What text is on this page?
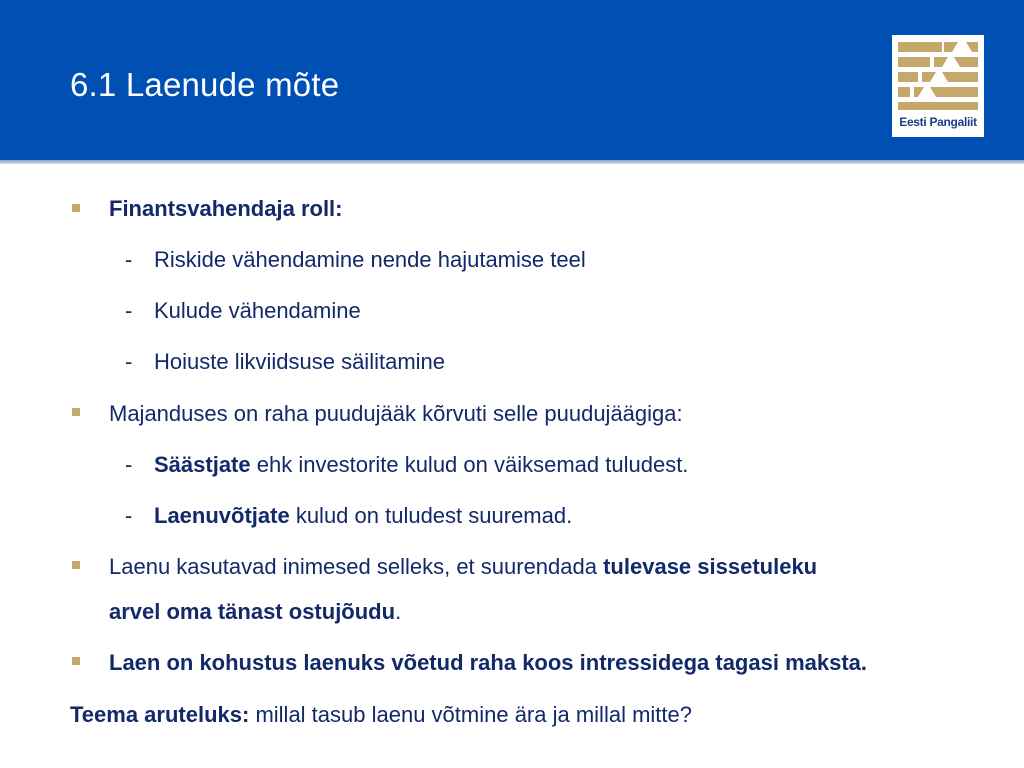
6.1 Laenude mõte
Eesti Pangaliit
Finantsvahendaja roll:
- Riskide vähendamine nende hajutamise teel
- Kulude vähendamine
- Hoiuste likviidsuse säilitamine
Majanduses on raha puudujääk kõrvuti selle puudujäägiga:
- Säästjate ehk investorite kulud on väiksemad tuludest.
- Laenuvõtjate kulud on tuludest suuremad.
Laenu kasutavad inimesed selleks, et suurendada tulevase sissetuleku
arvel oma tänast ostujõudu.
Laen on kohustus laenuks võetud raha koos intressidega tagasi maksta.
Teema aruteluks: millal tasub laenu võtmine ära ja millal mitte?
